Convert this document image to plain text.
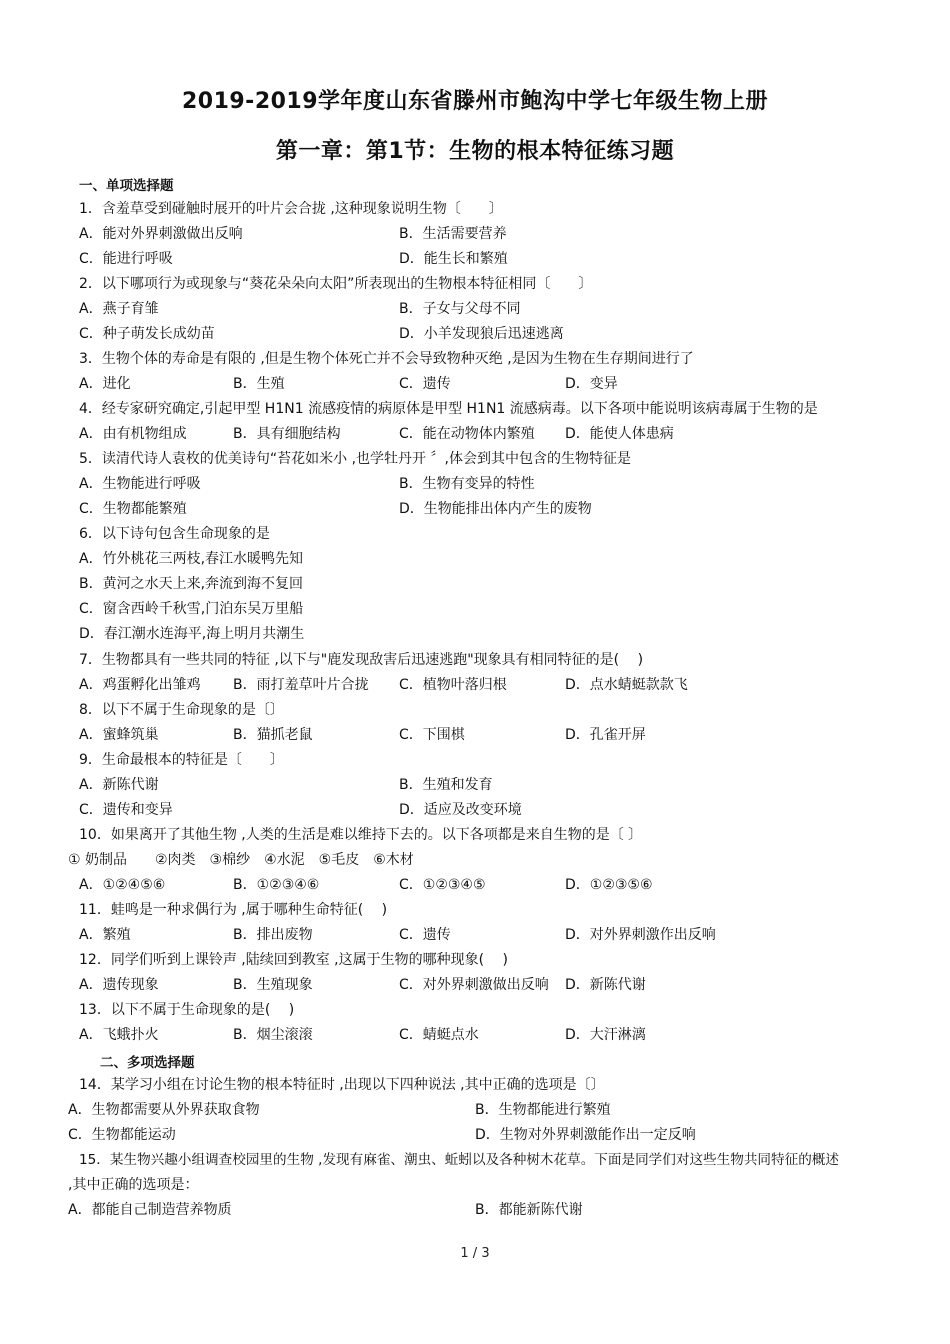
2019-2019学年度山东省滕州市鲍沟中学七年级生物上册
第一章：第1节：生物的根本特征练习题
一、单项选择题
1．含羞草受到碰触时展开的叶片会合拢 ,这种现象说明生物〔　　〕
A．能对外界刺激做出反响	B．生活需要营养
C．能进行呼吸	D．能生长和繁殖
2．以下哪项行为或现象与“葵花朵朵向太阳”所表现出的生物根本特征相同〔　　〕
A．燕子育雏	B．子女与父母不同
C．种子萌发长成幼苗	D．小羊发现狼后迅速逃离
3．生物个体的寿命是有限的 ,但是生物个体死亡并不会导致物种灭绝 ,是因为生物在生存期间进行了
A．进化	B．生殖	C．遗传	D．变异
4．经专家研究确定,引起甲型 H1N1 流感疫情的病原体是甲型 H1N1 流感病毒。以下各项中能说明该病毒属于生物的是
A．由有机物组成	B．具有细胞结构	C．能在动物体内繁殖 D．能使人体患病
5．读清代诗人袁枚的优美诗句“苔花如米小 ,也学牡丹开 〞,体会到其中包含的生物特征是
A．生物能进行呼吸	B．生物有变异的特性
C．生物都能繁殖	D．生物能排出体内产生的废物
6．以下诗句包含生命现象的是
A．竹外桃花三两枝,春江水暖鸭先知
B．黄河之水天上来,奔流到海不复回
C．窗含西岭千秋雪,门泊东吴万里船
D．春江潮水连海平,海上明月共潮生
7．生物都具有一些共同的特征 ,以下与"鹿发现敌害后迅速逃跑"现象具有相同特征的是(　 )
A．鸡蛋孵化出雏鸡 B．雨打羞草叶片合拢 C．植物叶落归根	D．点水蜻蜓款款飞
8．以下不属于生命现象的是〔〕
A．蜜蜂筑巢	B．猫抓老鼠	C．下围棋	D．孔雀开屏
9．生命最根本的特征是〔　　〕
A．新陈代谢	B．生殖和发育
C．遗传和变异	D．适应及改变环境
10．如果离开了其他生物 ,人类的生活是难以维持下去的。以下各项都是来自生物的是〔 〕
① 奶制品　　②肉类　③棉纱　④水泥　⑤毛皮　⑥木材
A．①②④⑤⑥	B．①②③④⑥	C．①②③④⑤	D．①②③⑤⑥
11．蛙鸣是一种求偶行为 ,属于哪种生命特征(　 )
A．繁殖	B．排出废物	C．遗传	D．对外界刺激作出反响
12．同学们听到上课铃声 ,陆续回到教室 ,这属于生物的哪种现象(　 )
A．遗传现象	B．生殖现象	C．对外界刺激做出反响 D．新陈代谢
13．以下不属于生命现象的是(　 )
A．飞蛾扑火	B．烟尘滚滚	C．蜻蜓点水	D．大汗淋漓
二、多项选择题
14．某学习小组在讨论生物的根本特征时 ,出现以下四种说法 ,其中正确的选项是〔〕
A．生物都需要从外界获取食物	B．生物都能进行繁殖
C．生物都能运动	D．生物对外界刺激能作出一定反响
15．某生物兴趣小组调查校园里的生物 ,发现有麻雀、潮虫、蚯蚓以及各种树木花草。下面是同学们对这些生物共同特征的概述
,其中正确的选项是：
A．都能自己制造营养物质	B．都能新陈代谢
1 / 3
